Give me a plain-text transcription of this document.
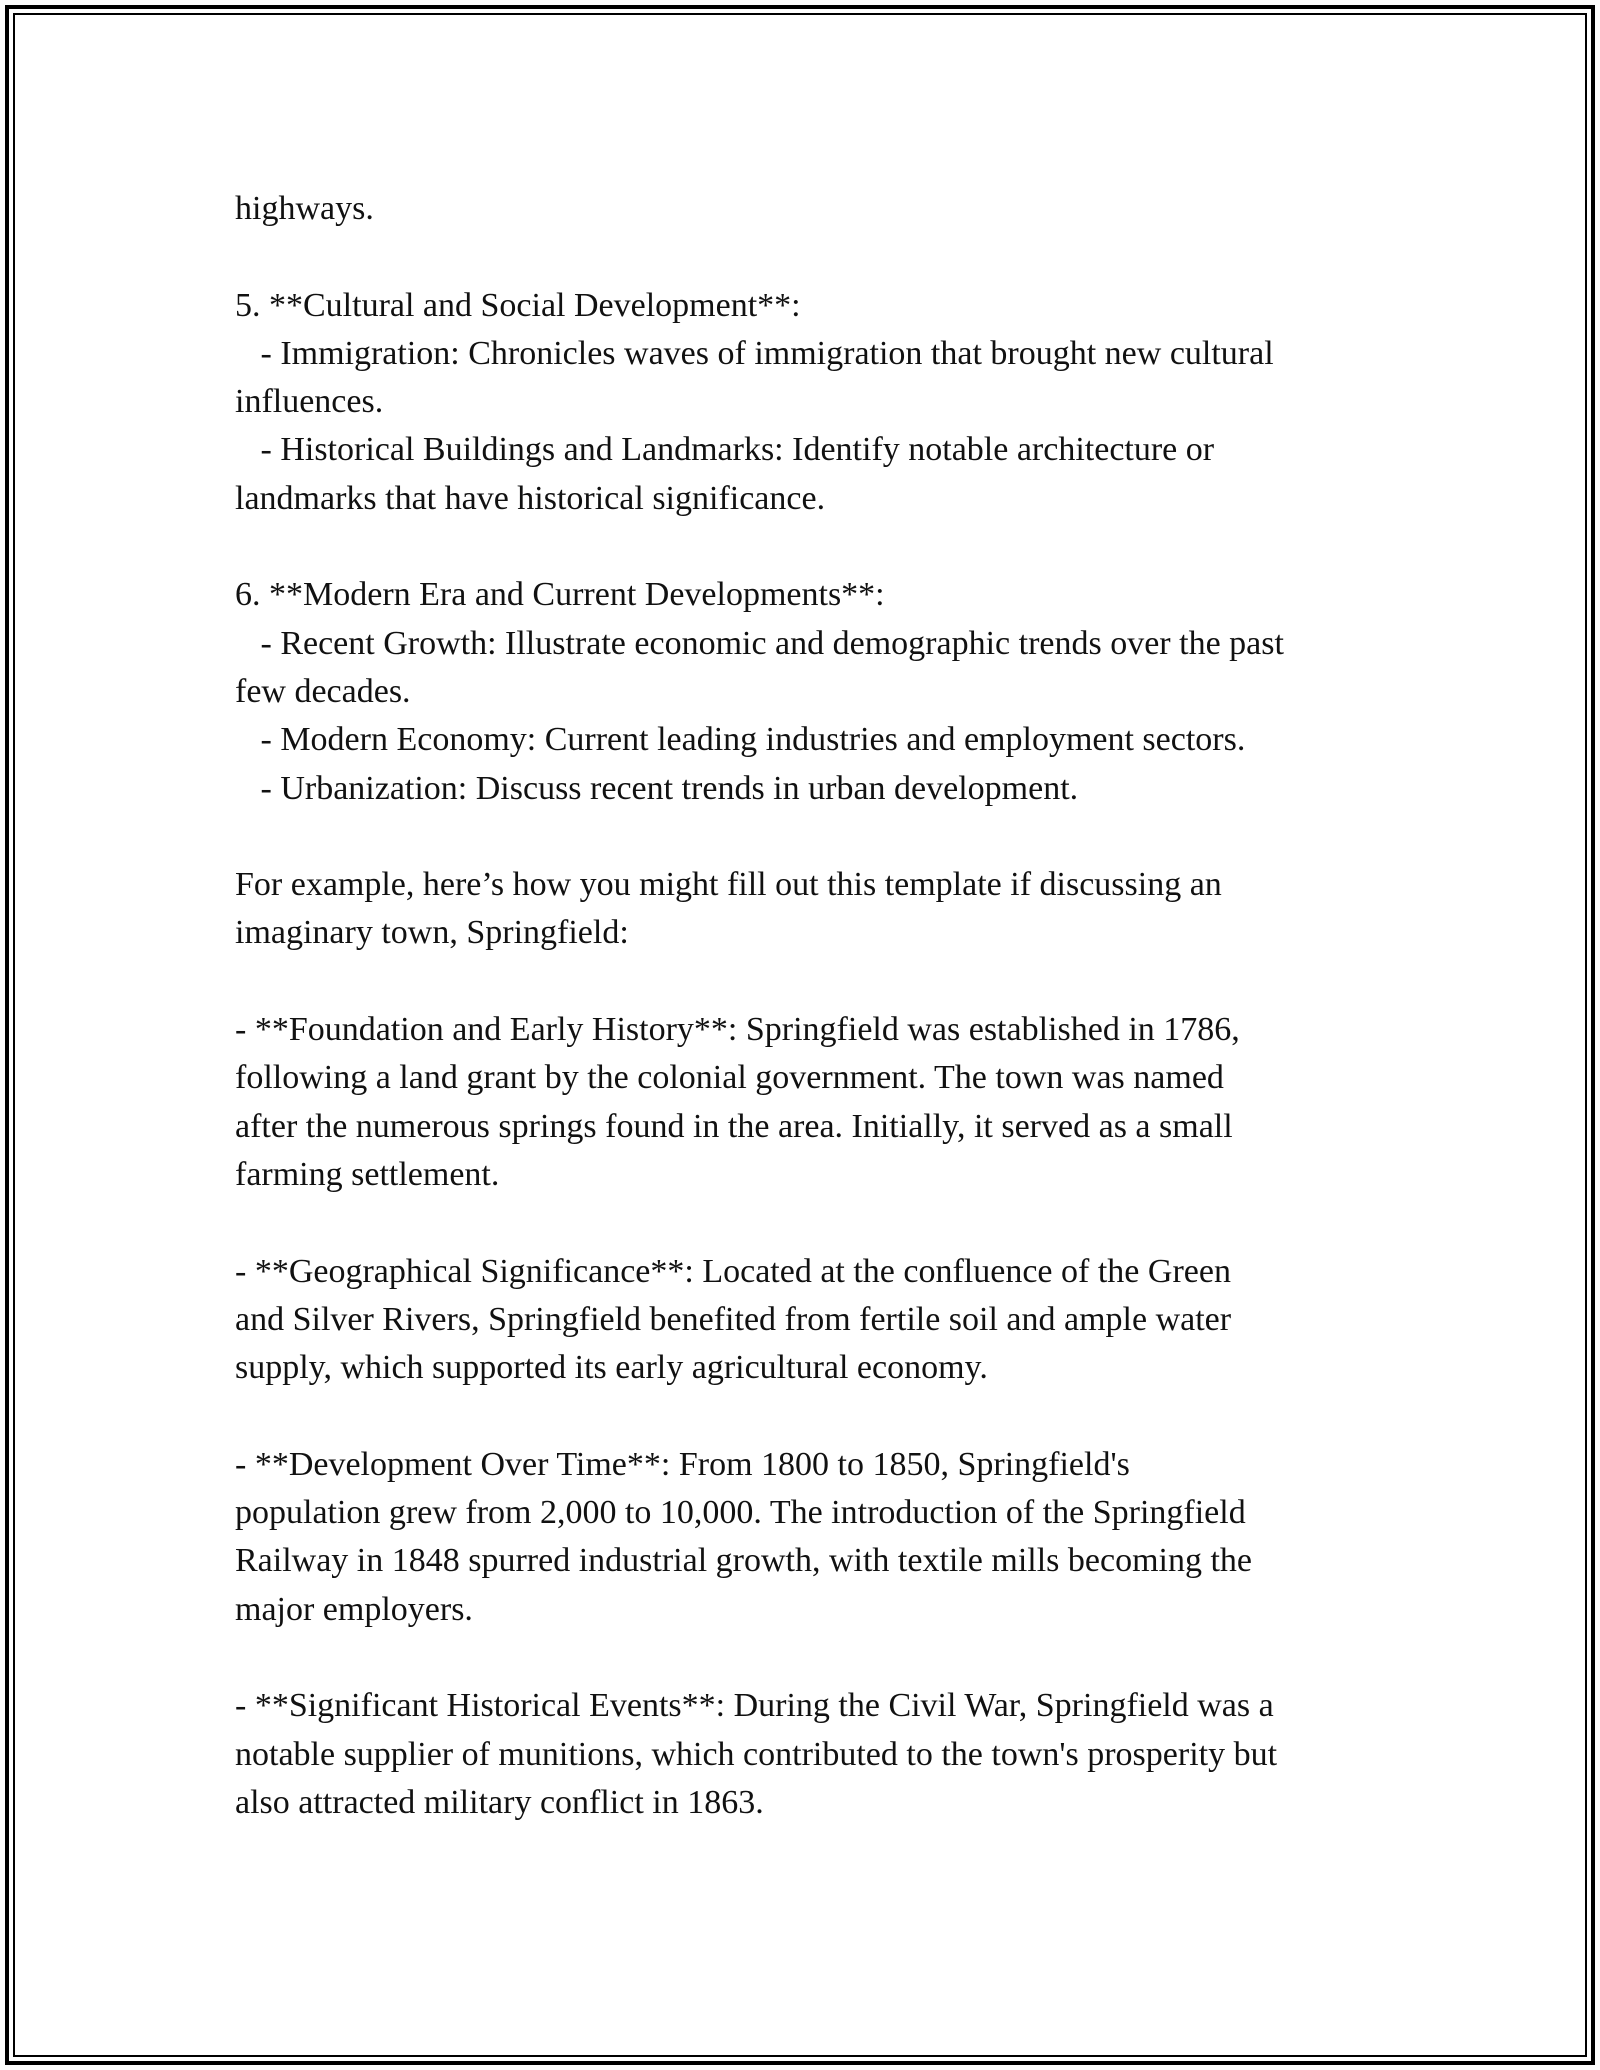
highways.
5. **Cultural and Social Development**:
- Immigration: Chronicles waves of immigration that brought new cultural
influences.
- Historical Buildings and Landmarks: Identify notable architecture or
landmarks that have historical significance.
6. **Modern Era and Current Developments**:
- Recent Growth: Illustrate economic and demographic trends over the past
few decades.
- Modern Economy: Current leading industries and employment sectors.
- Urbanization: Discuss recent trends in urban development.
For example, here’s how you might fill out this template if discussing an
imaginary town, Springfield:
- **Foundation and Early History**: Springfield was established in 1786,
following a land grant by the colonial government. The town was named
after the numerous springs found in the area. Initially, it served as a small
farming settlement.
- **Geographical Significance**: Located at the confluence of the Green
and Silver Rivers, Springfield benefited from fertile soil and ample water
supply, which supported its early agricultural economy.
- **Development Over Time**: From 1800 to 1850, Springfield's
population grew from 2,000 to 10,000. The introduction of the Springfield
Railway in 1848 spurred industrial growth, with textile mills becoming the
major employers.
- **Significant Historical Events**: During the Civil War, Springfield was a
notable supplier of munitions, which contributed to the town's prosperity but
also attracted military conflict in 1863.
